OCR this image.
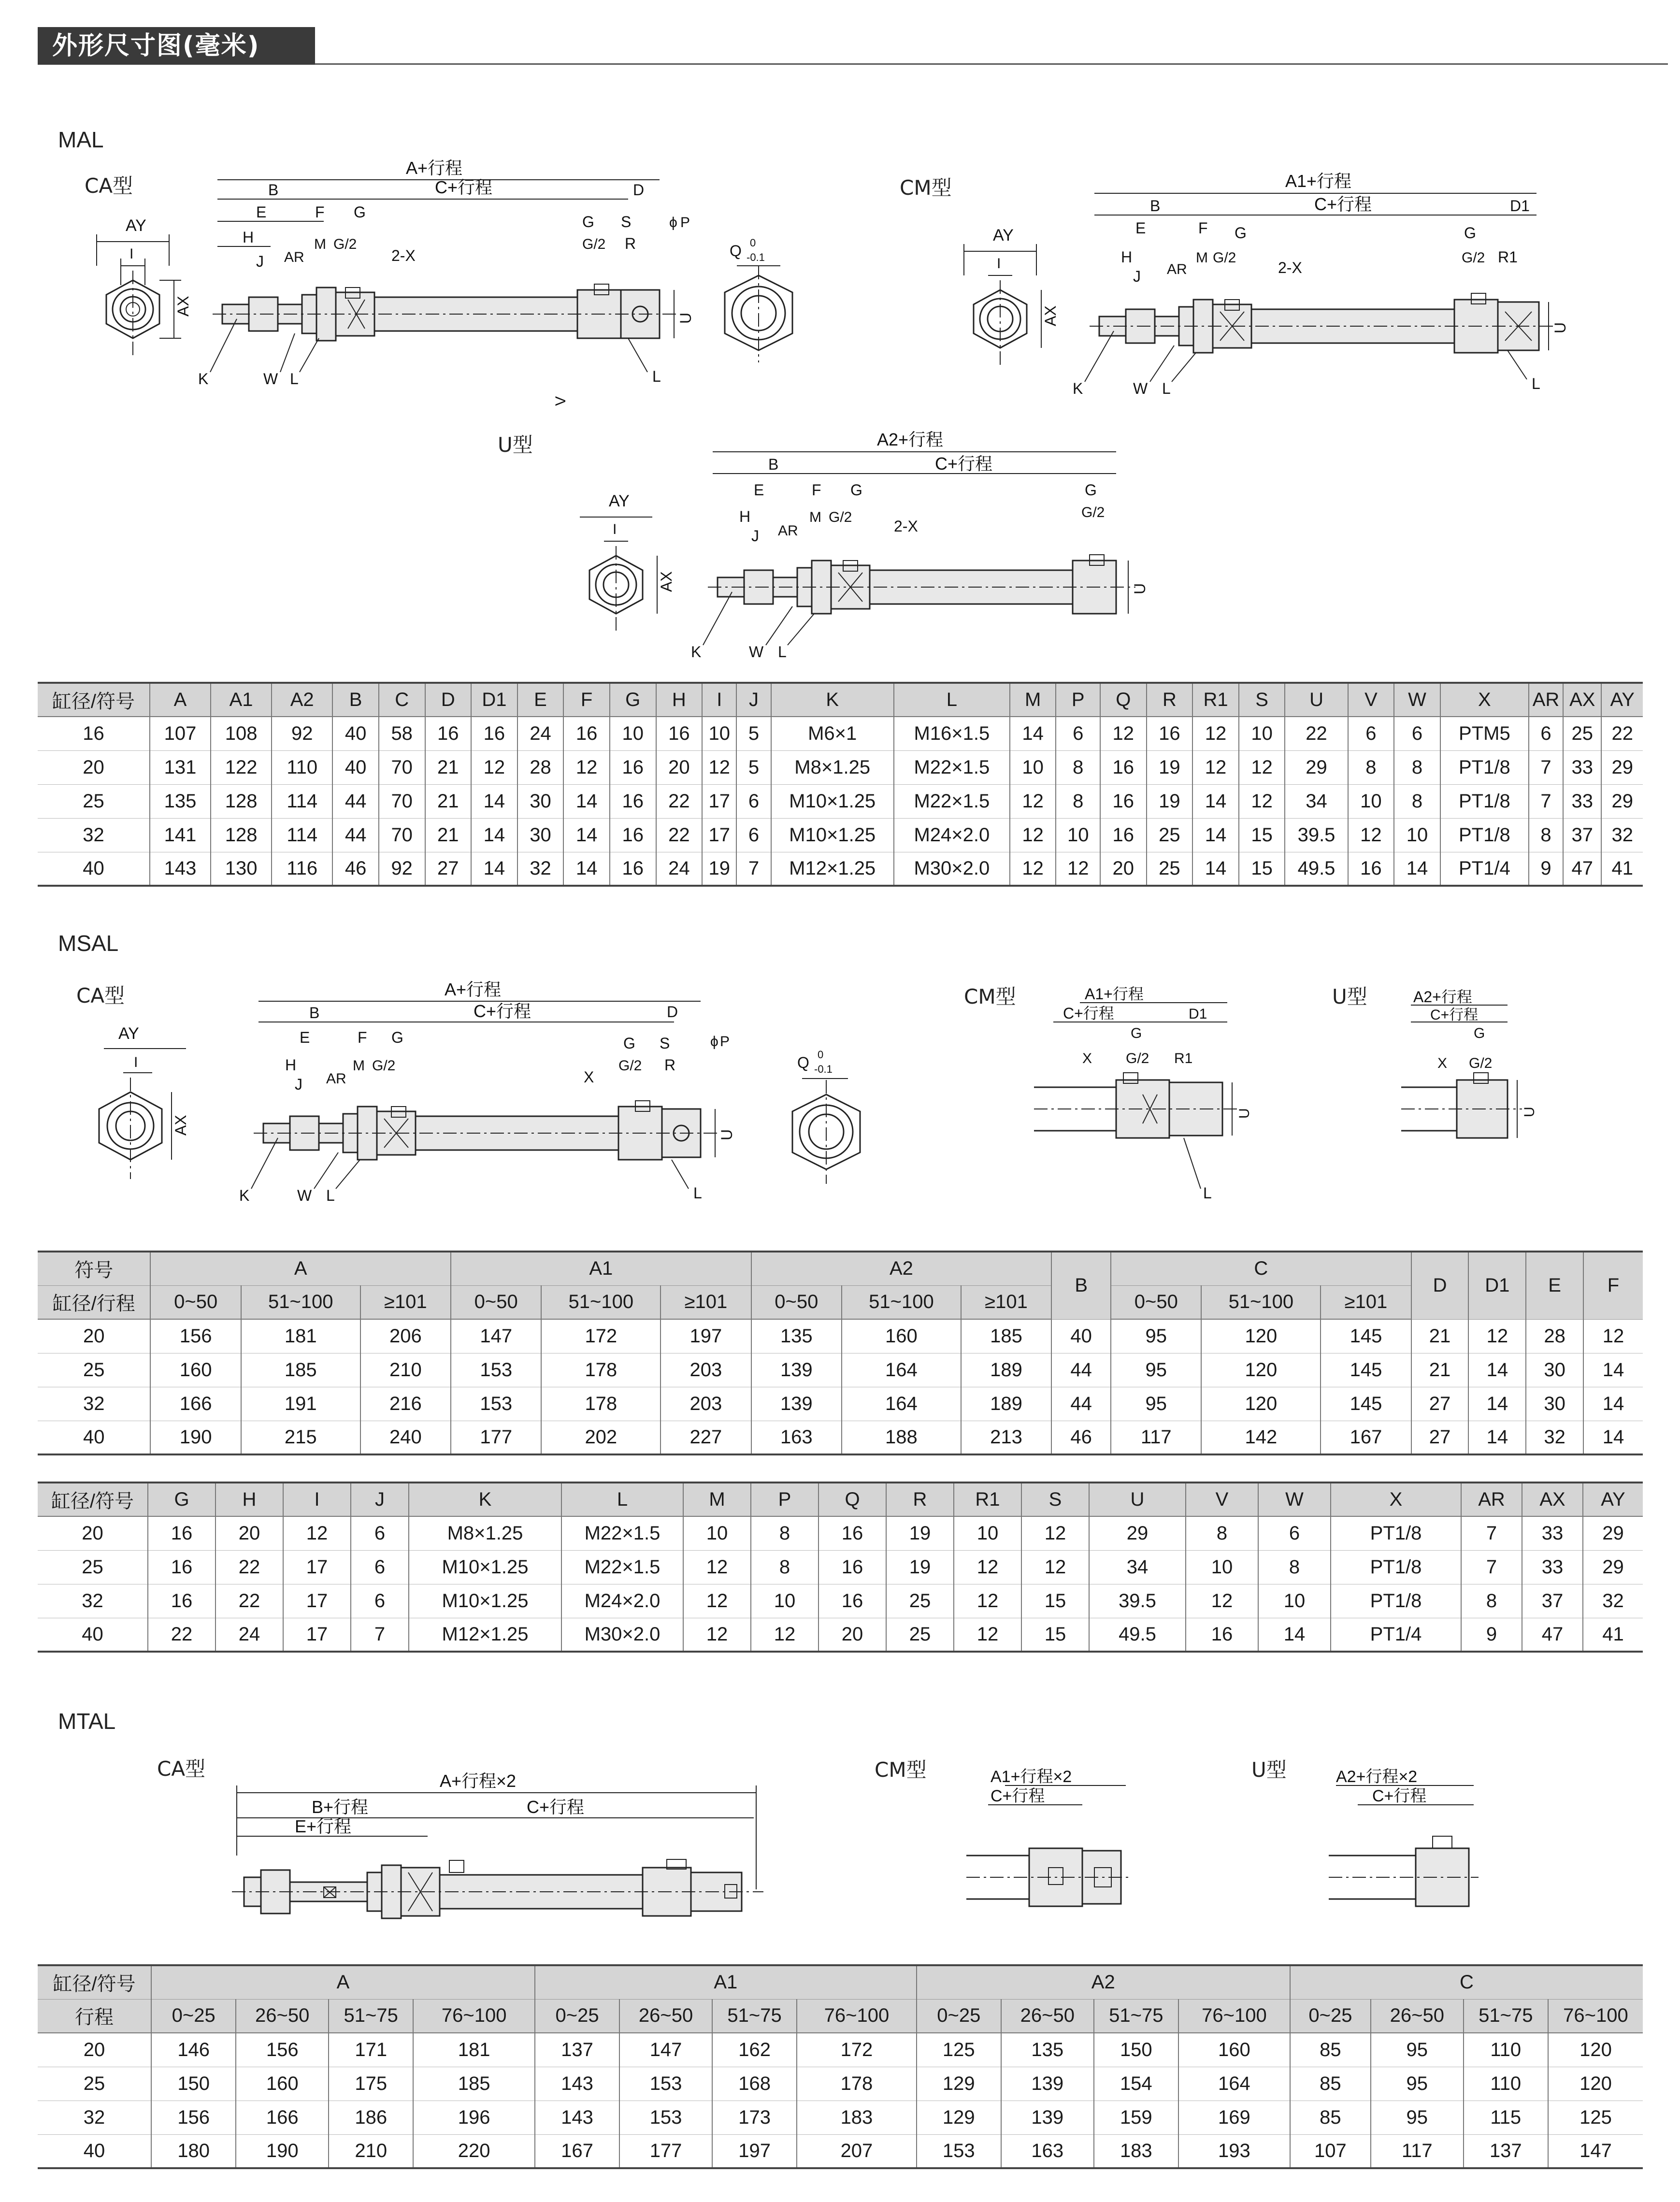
外形尺寸图(毫米)
MAL
CA型	CM型
U型
AY
I
AX
A+行程
B	C+行程	D
E	F G
G S
H
J AR
M G/2
2-X
G/2 R
ϕ P
K	W L	L
U
V
Q 0
-0.1
AY
I
AX
A1+行程
B	C+行程	D1
E	F G	G
H
J AR
M G/2
2-X
G/2 R1
K	W L	L
U
AY
I
AX
A2+行程
B	C+行程
E	F G	G
H
J AR
M G/2
2-X
G/2
K	W L
U
缸径/符号	A	A1	A2	B	C	D	D1	E	F	G	H	I	J	K	L	M	P	Q	R	R1	S	U	V	W	X	AR	AX	AY
16	107	108	92	40	58	16	16	24	16	10	16	10	5	M6×1	M16×1.5	14	6	12	16	12	10	22	6	6	PTM5	6	25	22
20	131	122	110	40	70	21	12	28	12	16	20	12	5	M8×1.25	M22×1.5	10	8	16	19	12	12	29	8	8	PT1/8	7	33	29
25	135	128	114	44	70	21	14	30	14	16	22	17	6	M10×1.25	M22×1.5	12	8	16	19	14	12	34	10	8	PT1/8	7	33	29
32	141	128	114	44	70	21	14	30	14	16	22	17	6	M10×1.25	M24×2.0	12	10	16	25	14	15	39.5	12	10	PT1/8	8	37	32
40	143	130	116	46	92	27	14	32	14	16	24	19	7	M12×1.25	M30×2.0	12	12	20	25	14	15	49.5	16	14	PT1/4	9	47	41
MSAL
CA型	CM型	U型
AY
I
AX
A+行程
B	C+行程	D
E	F G	G S
H
J AR
M G/2
X
G/2 R
ϕ P
K	W L	L
U
Q 0
-0.1
A1+行程
C+行程	D1
G
X G/2 R1
U
L
A2+行程
C+行程
G
X G/2
U
符号	A			A1			A2			B	C			D	D1	E	F
缸径/行程	0~50	51~100	≥101	0~50	51~100	≥101	0~50	51~100	≥101		0~50	51~100	≥101				
20	156	181	206	147	172	197	135	160	185	40	95	120	145	21	12	28	12
25	160	185	210	153	178	203	139	164	189	44	95	120	145	21	14	30	14
32	166	191	216	153	178	203	139	164	189	44	95	120	145	27	14	30	14
40	190	215	240	177	202	227	163	188	213	46	117	142	167	27	14	32	14
缸径/符号	G	H	I	J	K	L	M	P	Q	R	R1	S	U	V	W	X	AR	AX	AY
20	16	20	12	6	M8×1.25	M22×1.5	10	8	16	19	10	12	29	8	6	PT1/8	7	33	29
25	16	22	17	6	M10×1.25	M22×1.5	12	8	16	19	12	12	34	10	8	PT1/8	7	33	29
32	16	22	17	6	M10×1.25	M24×2.0	12	10	16	25	12	15	39.5	12	10	PT1/8	8	37	32
40	22	24	17	7	M12×1.25	M30×2.0	12	12	20	25	12	15	49.5	16	14	PT1/4	9	47	41
MTAL
CA型	CM型	U型
A+行程×2
B+行程	C+行程
E+行程
A1+行程×2
C+行程
A2+行程×2
C+行程
缸径/符号	A				A1				A2				C			
行程	0~25	26~50	51~75	76~100	0~25	26~50	51~75	76~100	0~25	26~50	51~75	76~100	0~25	26~50	51~75	76~100
20	146	156	171	181	137	147	162	172	125	135	150	160	85	95	110	120
25	150	160	175	185	143	153	168	178	129	139	154	164	85	95	110	120
32	156	166	186	196	143	153	173	183	129	139	159	169	85	95	115	125
40	180	190	210	220	167	177	197	207	153	163	183	193	107	117	137	147
